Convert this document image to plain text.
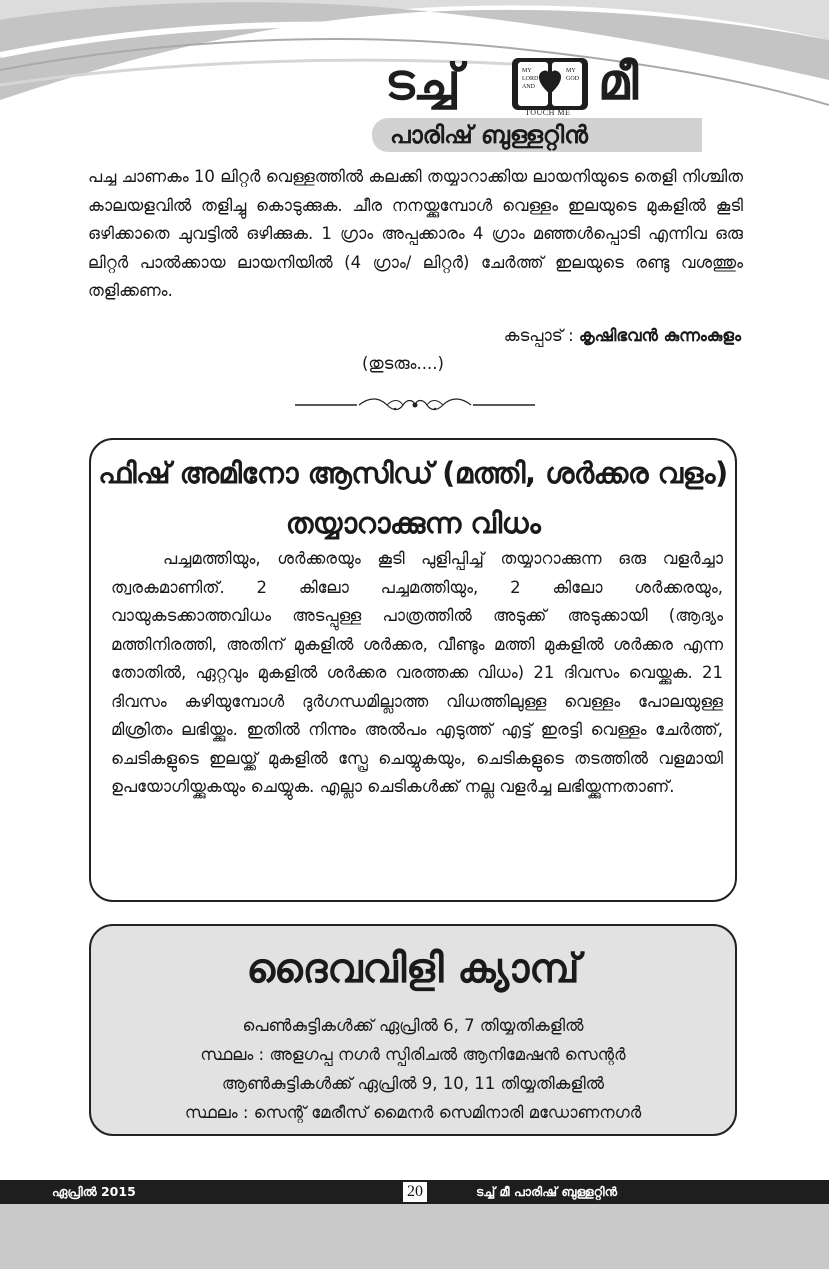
ടച്ച്	MY
LORD
AND
MY
GOD മീ
TOUCH ME
പാരിഷ് ബുള്ളറ്റിൻ

പച്ച ചാണകം 10 ലിറ്റർ വെള്ളത്തിൽ കലക്കി തയ്യാറാക്കിയ ലായനിയുടെ തെളി നിശ്ചിത കാലയളവിൽ തളിച്ചു കൊടുക്കുക. ചീര നനയ്ക്കുമ്പോൾ വെള്ളം ഇലയുടെ മുകളിൽ കൂടി ഒഴിക്കാതെ ചുവട്ടിൽ ഒഴിക്കുക. 1 ഗ്രാം അപ്പക്കാരം 4 ഗ്രാം മഞ്ഞൾപ്പൊടി എന്നിവ ഒരു ലിറ്റർ പാൽക്കായ ലായനിയിൽ (4 ഗ്രാം/ ലിറ്റർ) ചേർത്ത് ഇലയുടെ രണ്ടു വശത്തും തളിക്കണം.

കടപ്പാട് : കൃഷിഭവൻ കുന്നംകുളം
(തുടരും....)
ഫിഷ് അമിനോ ആസിഡ് (മത്തി, ശർക്കര വളം)
തയ്യാറാക്കുന്ന വിധം

പച്ചമത്തിയും, ശർക്കരയും കൂടി പുളിപ്പിച്ച് തയ്യാറാക്കുന്ന ഒരു വളർച്ചാ ത്വരകമാണിത്. 2 കിലോ പച്ചമത്തിയും, 2 കിലോ ശർക്കരയും, വായുകടക്കാത്തവിധം അടപ്പുള്ള പാത്രത്തിൽ അടുക്ക് അടുക്കായി (ആദ്യം മത്തിനിരത്തി, അതിന് മുകളിൽ ശർക്കര, വീണ്ടും മത്തി മുകളിൽ ശർക്കര എന്ന തോതിൽ, ഏറ്റവും മുകളിൽ ശർക്കര വരത്തക്ക വിധം) 21 ദിവസം വെയ്ക്കുക. 21 ദിവസം കഴിയുമ്പോൾ ദുർഗന്ധമില്ലാത്ത വിധത്തിലുള്ള വെള്ളം പോലയുള്ള മിശ്രിതം ലഭിയ്ക്കും. ഇതിൽ നിന്നും അൽപം എടുത്ത് എട്ട് ഇരട്ടി വെള്ളം ചേർത്ത്, ചെടികളുടെ ഇലയ്ക്ക് മുകളിൽ സ്പ്രേ ചെയ്യുകയും, ചെടികളുടെ തടത്തിൽ വളമായി ഉപയോഗിയ്ക്കുകയും ചെയ്യുക. എല്ലാ ചെടികൾക്ക് നല്ല വളർച്ച ലഭിയ്ക്കുന്നതാണ്.

ദൈവവിളി ക്യാമ്പ്
പെൺകുട്ടികൾക്ക് ഏപ്രിൽ 6, 7 തിയ്യതികളിൽ
സ്ഥലം : അളഗപ്പ നഗർ സ്പിരിചൽ ആനിമേഷൻ സെന്റർ
ആൺകുട്ടികൾക്ക് ഏപ്രിൽ 9, 10, 11 തിയ്യതികളിൽ
സ്ഥലം : സെന്റ് മേരീസ് മൈനർ സെമിനാരി മഡോണനഗർ
ഏപ്രിൽ 2015	20	ടച്ച് മീ പാരിഷ് ബുള്ളറ്റിൻ
